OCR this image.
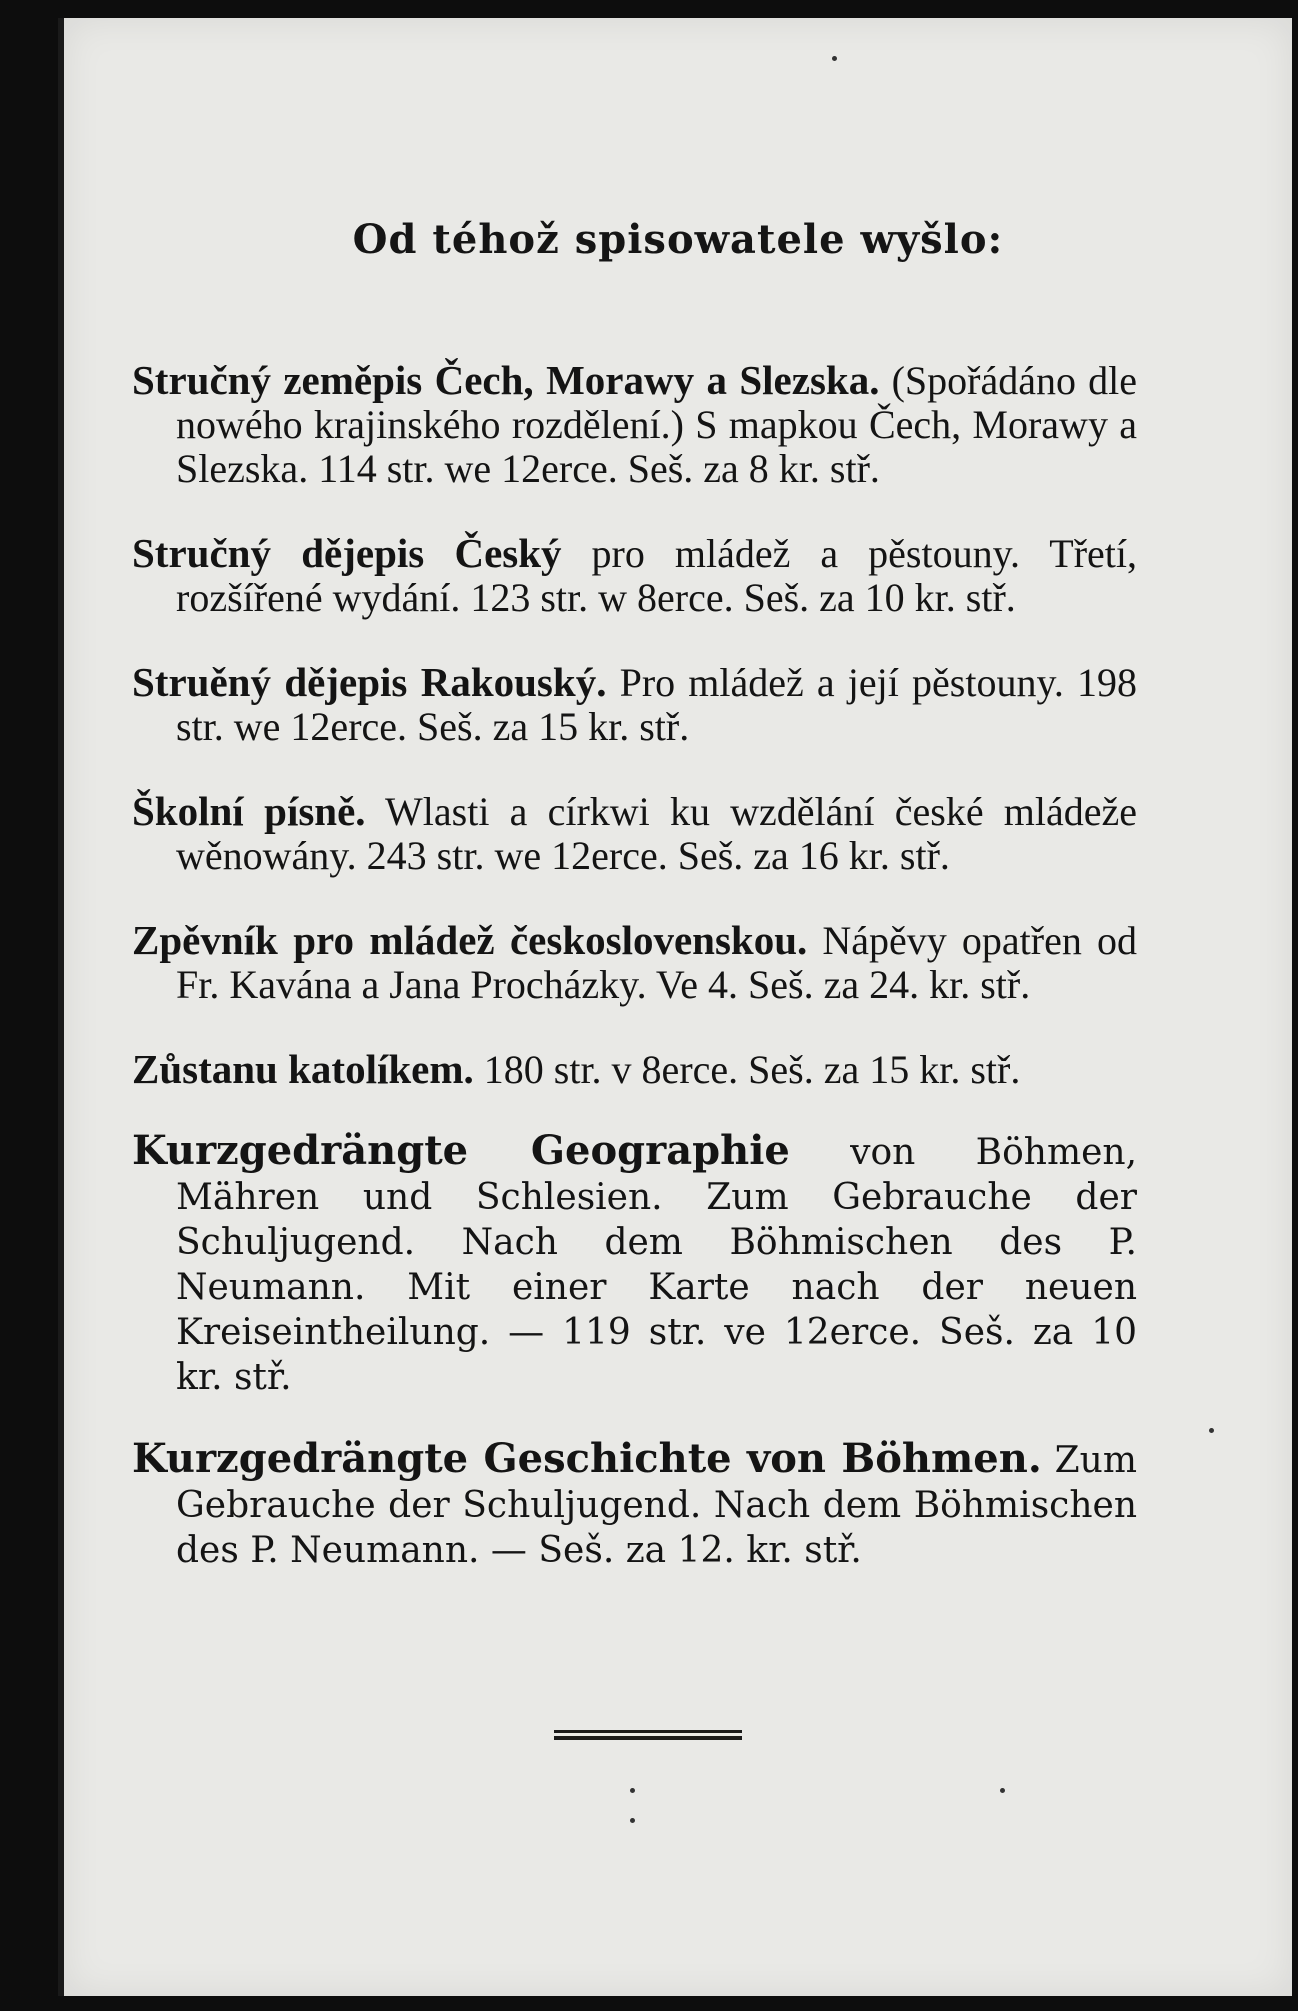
Od téhož spisowatele wyšlo:

Stručný zeměpis Čech, Morawy a Slezska. (Spořádáno dle nowého krajinského rozdělení.) S mapkou Čech, Morawy a Slezska. 114 str. we 12erce. Seš. za 8 kr. stř.

Stručný dějepis Český pro mládež a pěstouny. Třetí, rozšířené wydání. 123 str. w 8erce. Seš. za 10 kr. stř.

Struěný dějepis Rakouský. Pro mládež a její pěstouny. 198 str. we 12erce. Seš. za 15 kr. stř.

Školní písně. Wlasti a církwi ku wzdělání české mládeže wěnowány. 243 str. we 12erce. Seš. za 16 kr. stř.

Zpěvník pro mládež československou. Nápěvy opatřen od Fr. Kavána a Jana Procházky. Ve 4. Seš. za 24. kr. stř.

Zůstanu katolíkem. 180 str. v 8erce. Seš. za 15 kr. stř.

Kurzgedrängte Geographie von Böhmen, Mähren und Schlesien. Zum Gebrauche der Schuljugend. Nach dem Böhmischen des P. Neumann. Mit einer Karte nach der neuen Kreiseintheilung. — 119 str. ve 12erce. Seš. za 10 kr. stř.

Kurzgedrängte Geschichte von Böhmen. Zum Gebrauche der Schuljugend. Nach dem Böhmischen des P. Neumann. — Seš. za 12. kr. stř.
